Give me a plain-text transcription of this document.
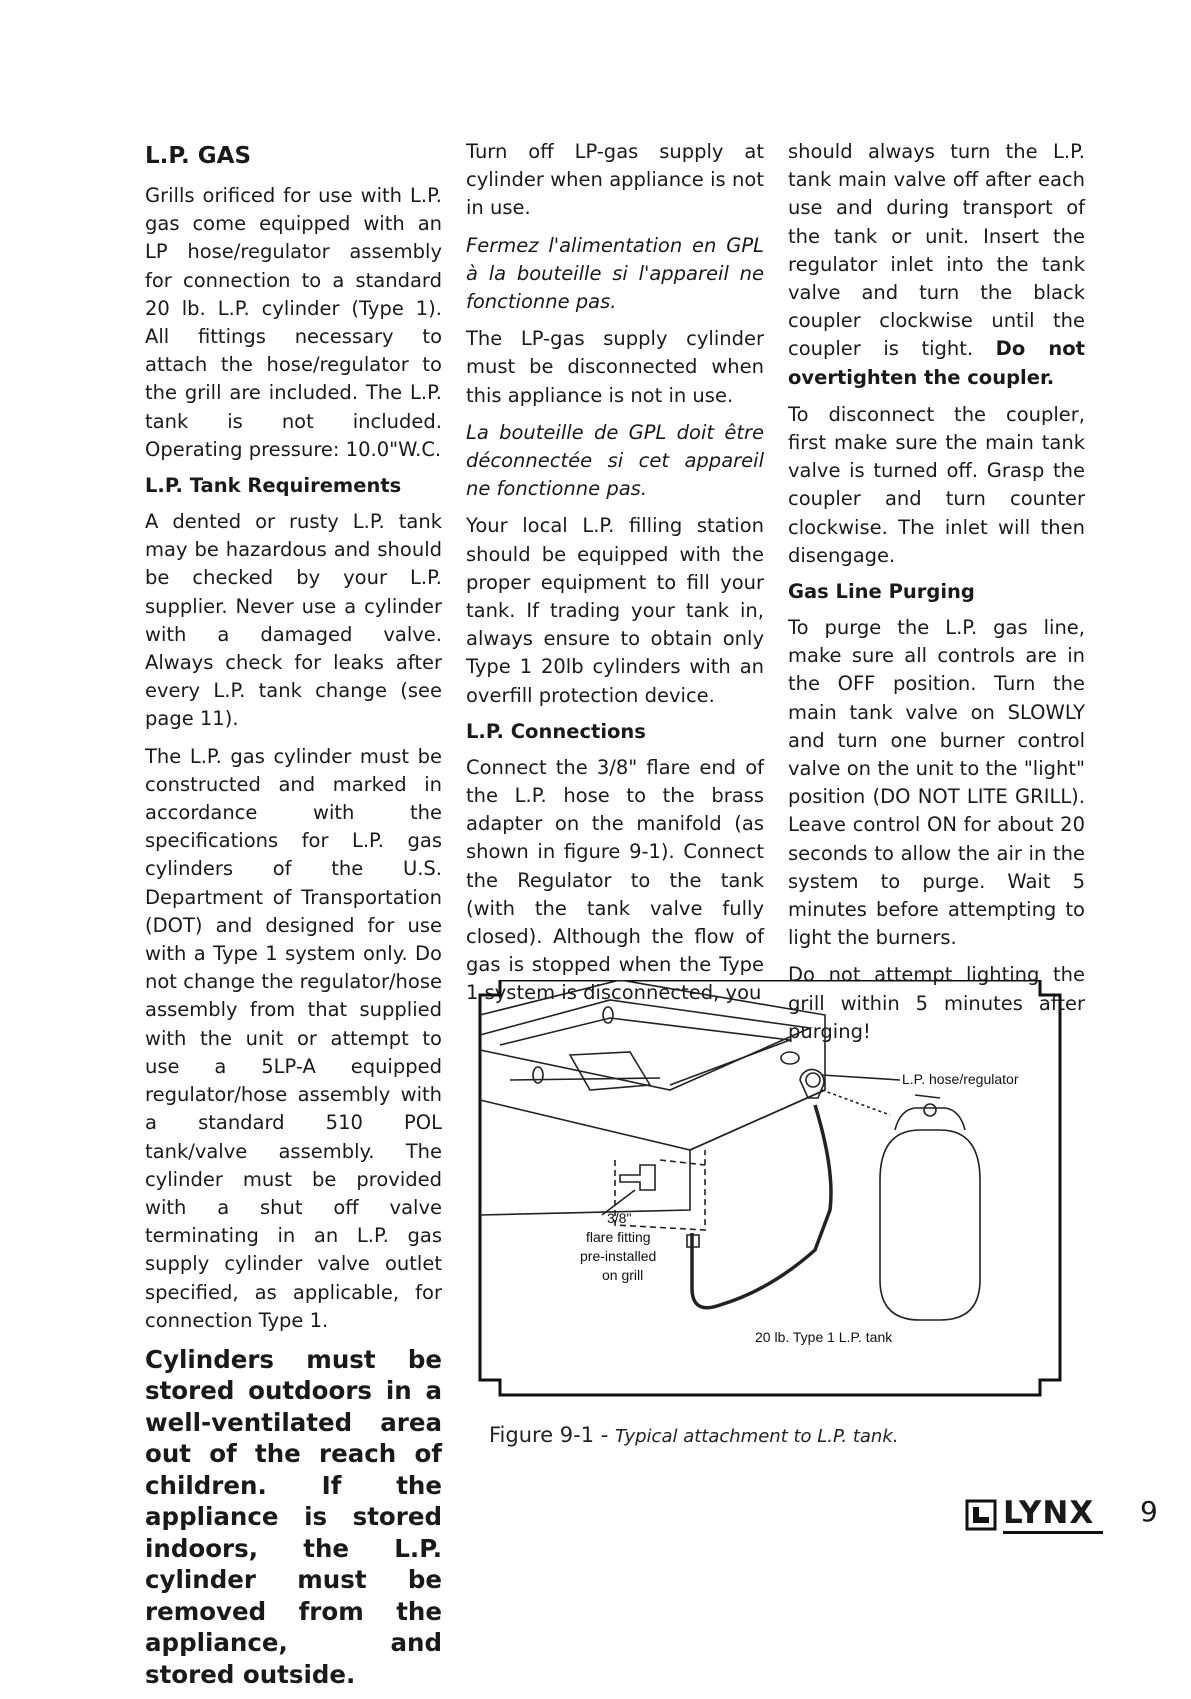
L.P. GAS

Grills orificed for use with L.P. gas come equipped with an LP hose/regulator assembly for connection to a standard 20 lb. L.P. cylinder (Type 1). All fittings necessary to attach the hose/regulator to the grill are included. The L.P. tank is not included. Operating pressure: 10.0"W.C.

L.P. Tank Requirements

A dented or rusty L.P. tank may be hazardous and should be checked by your L.P. supplier. Never use a cylinder with a damaged valve. Always check for leaks after every L.P. tank change (see page 11).

The L.P. gas cylinder must be constructed and marked in accordance with the specifications for L.P. gas cylinders of the U.S. Department of Transportation (DOT) and designed for use with a Type 1 system only. Do not change the regulator/hose assembly from that supplied with the unit or attempt to use a 5LP-A equipped regulator/hose assembly with a standard 510 POL tank/valve assembly. The cylinder must be provided with a shut off valve terminating in an L.P. gas supply cylinder valve outlet specified, as applicable, for connection Type 1.

Cylinders must be stored outdoors in a well-ventilated area out of the reach of children. If the appliance is stored indoors, the L.P. cylinder must be removed from the appliance, and stored outside.

Turn off LP-gas supply at cylinder when appliance is not in use.

Fermez l'alimentation en GPL à la bouteille si l'appareil ne fonctionne pas.

The LP-gas supply cylinder must be disconnected when this appliance is not in use.

La bouteille de GPL doit être déconnectée si cet appareil ne fonctionne pas.

Your local L.P. filling station should be equipped with the proper equipment to fill your tank. If trading your tank in, always ensure to obtain only Type 1 20lb cylinders with an overfill protection device.

L.P. Connections

Connect the 3/8" flare end of the L.P. hose to the brass adapter on the manifold (as shown in figure 9-1). Connect the Regulator to the tank (with the tank valve fully closed). Although the flow of gas is stopped when the Type 1 system is disconnected, you

should always turn the L.P. tank main valve off after each use and during transport of the tank or unit. Insert the regulator inlet into the tank valve and turn the black coupler clockwise until the coupler is tight. Do not overtighten the coupler.

To disconnect the coupler, first make sure the main tank valve is turned off. Grasp the coupler and turn counter clockwise. The inlet will then disengage.

Gas Line Purging

To purge the L.P. gas line, make sure all controls are in the OFF position. Turn the main tank valve on SLOWLY and turn one burner control valve on the unit to the "light" position (DO NOT LITE GRILL). Leave control ON for about 20 seconds to allow the air in the system to purge. Wait 5 minutes before attempting to light the burners.

Do not attempt lighting the grill within 5 minutes after purging!

L.P. hose/regulator
3/8"
flare fitting
pre-installed
on grill
20 lb. Type 1 L.P. tank
Figure 9-1 - Typical attachment to L.P. tank.
LYNX 9
